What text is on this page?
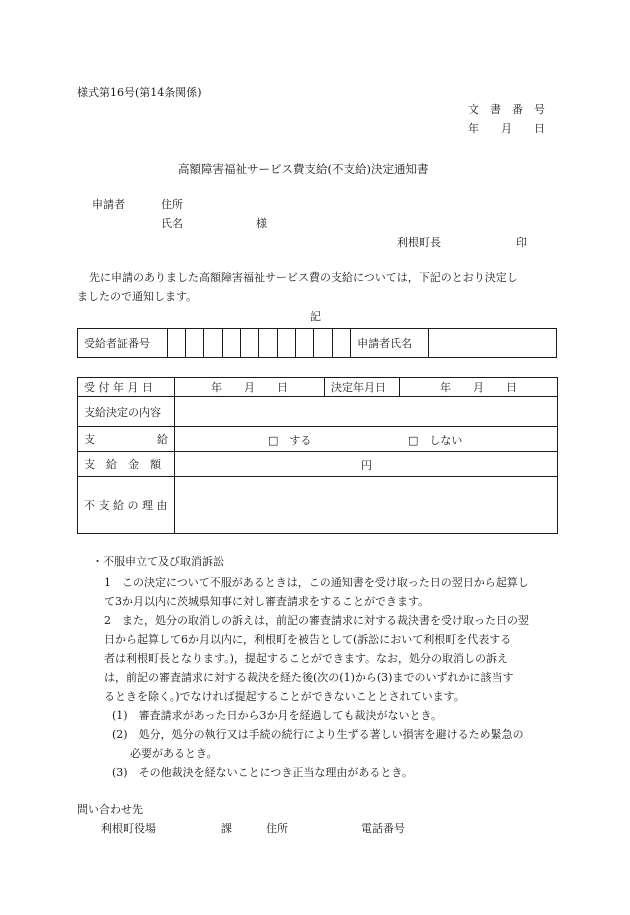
様式第16号(第14条関係)
文　書　番　号
年　　月　　日
高額障害福祉サービス費支給(不支給)決定通知書
申請者	住所
氏名	様
利根町長	印
先に申請のありました高額障害福祉サービス費の支給については，下記のとおり決定し
ましたので通知します。
記
受給者証番号											申請者氏名	
受 付 年 月 日	年　　月　　日	決定年月日	年　　月　　日
支給決定の内容			
支 給	□　する □　しない		

支　給　金　額	円		

不 支 給 の 理 由			
・不服申立て及び取消訴訟
1　この決定について不服があるときは，この通知書を受け取った日の翌日から起算し
て3か月以内に茨城県知事に対し審査請求をすることができます。
2　また，処分の取消しの訴えは，前記の審査請求に対する裁決書を受け取った日の翌
日から起算して6か月以内に，利根町を被告として(訴訟において利根町を代表する
者は利根町長となります。)，提起することができます。なお，処分の取消しの訴え
は，前記の審査請求に対する裁決を経た後(次の(1)から(3)までのいずれかに該当す
るときを除く。)でなければ提起することができないこととされています。
(1)　審査請求があった日から3か月を経過しても裁決がないとき。
(2)　処分，処分の執行又は手続の続行により生ずる著しい損害を避けるため緊急の
必要があるとき。
(3)　その他裁決を経ないことにつき正当な理由があるとき。
問い合わせ先
利根町役場	課	住所	電話番号
